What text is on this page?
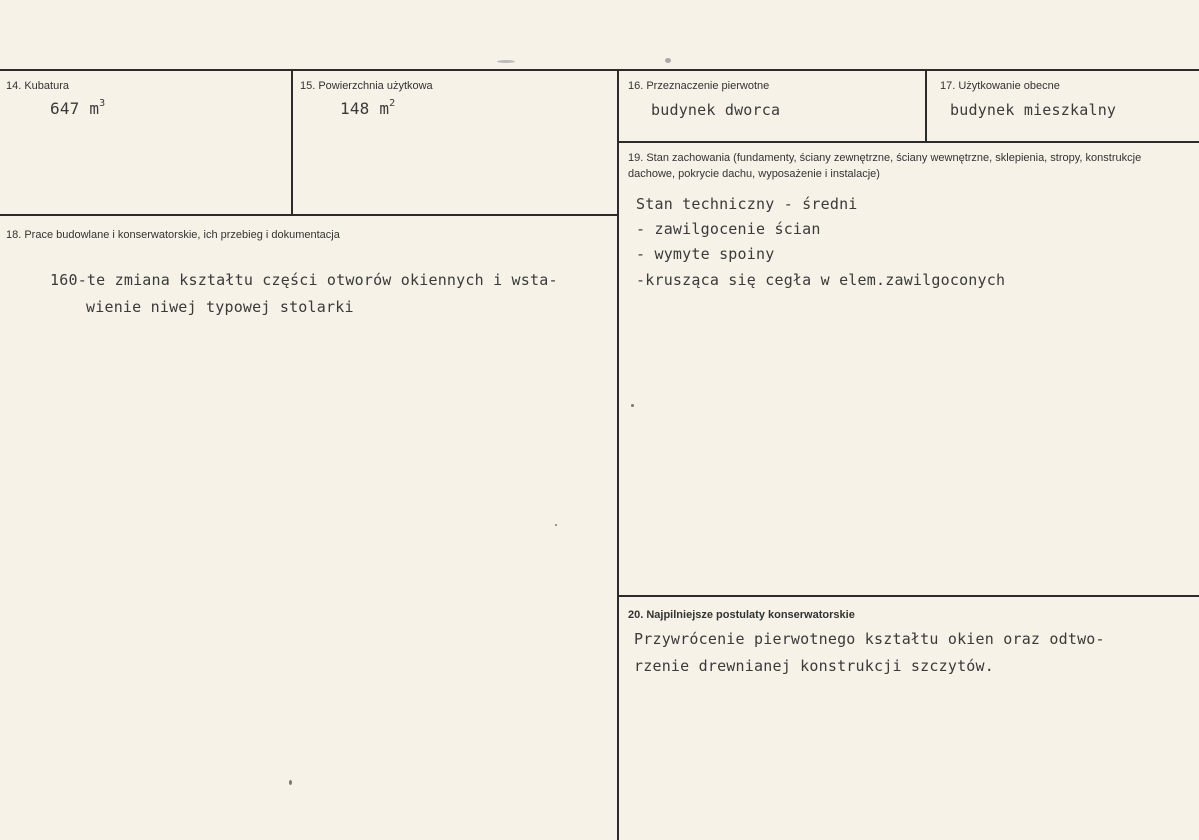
14. Kubatura
647 $m^3$
15. Powierzchnia użytkowa
148 $m^2$
16. Przeznaczenie pierwotne
budynek dworca
17. Użytkowanie obecne
budynek mieszkalny
18. Prace budowlane i konserwatorskie, ich przebieg i dokumentacja
160-te zmiana kształtu części otworów okiennych i wsta-
wienie niwej typowej stolarki
19. Stan zachowania (fundamenty, ściany zewnętrzne, ściany wewnętrzne, sklepienia, stropy, konstrukcje dachowe, pokrycie dachu, wyposażenie i instalacje)
Stan techniczny - średni
- zawilgocenie ścian
- wymyte spoiny
-krusząca się cegła w elem.zawilgoconych
20. Najpilniejsze postulaty konserwatorskie
Przywrócenie pierwotnego kształtu okien oraz odtwo-
rzenie drewnianej konstrukcji szczytów.
